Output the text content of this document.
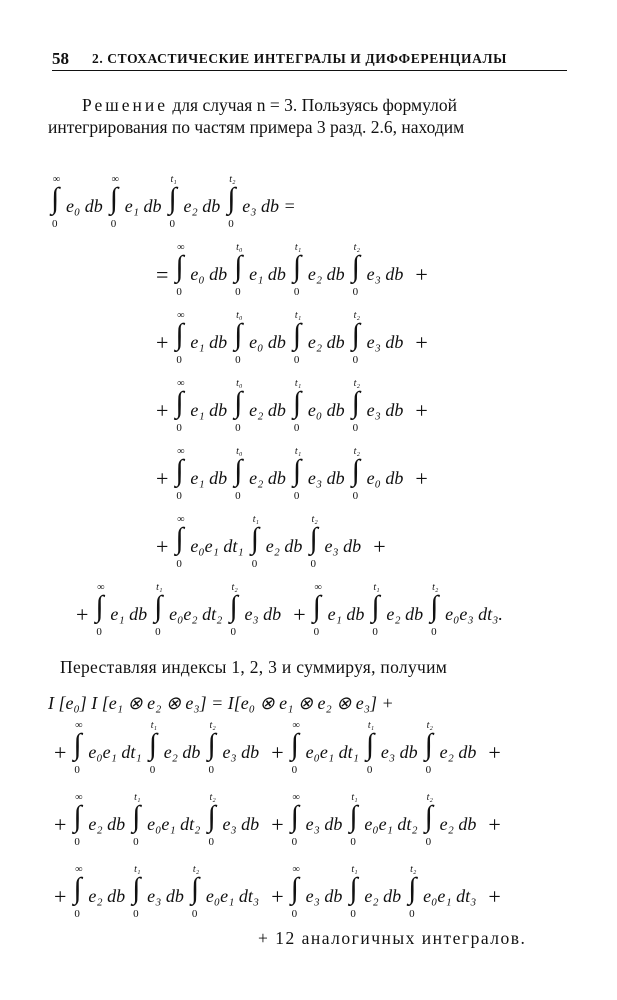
58 2. СТОХАСТИЧЕСКИЕ ИНТЕГРАЛЫ И ДИФФЕРЕНЦИАЛЫ
Решение для случая n = 3. Пользуясь формулой интегрирования по частям примера 3 разд. 2.6, находим
∞
∫
0
e₀ db
∞
∫
0
e₁ db
t₁
∫
0
e₂ db
t₂
∫
0
e₃ db =
=
∞
∫
0
e₀ db
t₀
∫
0
e₁ db
t₁
∫
0
e₂ db
t₂
∫
0
e₃ db +
+
∞
∫
0
e₁ db
t₀
∫
0
e₀ db
t₁
∫
0
e₂ db
t₂
∫
0
e₃ db +
+
∞
∫
0
e₁ db
t₀
∫
0
e₂ db
t₁
∫
0
e₀ db
t₂
∫
0
e₃ db +
+
∞
∫
0
e₁ db
t₀
∫
0
e₂ db
t₁
∫
0
e₃ db
t₂
∫
0
e₀ db +
+
∞
∫
0
e₀e₁ dt₁
t₁
∫
0
e₂ db
t₂
∫
0
e₃ db +
+
∞
∫
0
e₁ db
t₁
∫
0
e₀e₂ dt₂
t₂
∫
0
e₃ db +
∞
∫
0
e₁ db
t₁
∫
0
e₂ db
t₂
∫
0
e₀e₃ dt₃.
Переставляя индексы 1, 2, 3 и суммируя, получим
I [e₀] I [e₁ ⊗ e₂ ⊗ e₃] = I[e₀ ⊗ e₁ ⊗ e₂ ⊗ e₃] +
+
∞
∫
0
e₀e₁ dt₁
t₁
∫
0
e₂ db
t₂
∫
0
e₃ db +
∞
∫
0
e₀e₁ dt₁
t₁
∫
0
e₃ db
t₂
∫
0
e₂ db +
+
∞
∫
0
e₂ db
t₁
∫
0
e₀e₁ dt₂
t₂
∫
0
e₃ db +
∞
∫
0
e₃ db
t₁
∫
0
e₀e₁ dt₂
t₂
∫
0
e₂ db +
+
∞
∫
0
e₂ db
t₁
∫
0
e₃ db
t₂
∫
0
e₀e₁ dt₃ +
∞
∫
0
e₃ db
t₁
∫
0
e₂ db
t₂
∫
0
e₀e₁ dt₃ +
+ 12 аналогичных интегралов.
